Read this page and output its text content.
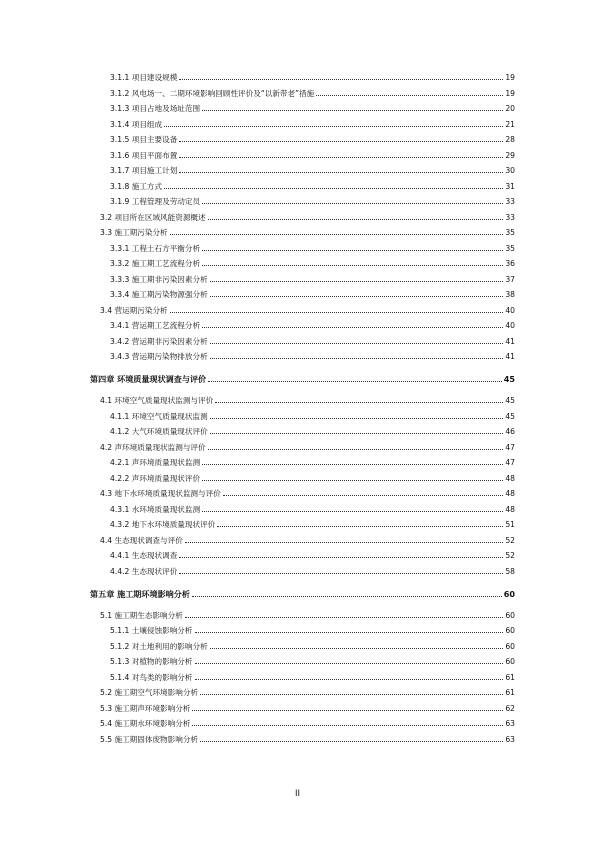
3.1.1 项目建设规模	19
3.1.2 风电场一、二期环境影响回顾性评价及“以新带老”措施	19
3.1.3 项目占地及场址范围	20
3.1.4 项目组成	21
3.1.5 项目主要设备	28
3.1.6 项目平面布置	29
3.1.7 项目施工计划	30
3.1.8 施工方式	31
3.1.9 工程管理及劳动定员	33
3.2 项目所在区域风能资源概述	33
3.3 施工期污染分析	35
3.3.1 工程土石方平衡分析	35
3.3.2 施工期工艺流程分析	36
3.3.3 施工期非污染因素分析	37
3.3.4 施工期污染物源强分析	38
3.4 营运期污染分析	40
3.4.1 营运期工艺流程分析	40
3.4.2 营运期非污染因素分析	41
3.4.3 营运期污染物排放分析	41
第四章 环境质量现状调查与评价	45
4.1 环境空气质量现状监测与评价	45
4.1.1 环境空气质量现状监测	45
4.1.2 大气环境质量现状评价	46
4.2 声环境质量现状监测与评价	47
4.2.1 声环境质量现状监测	47
4.2.2 声环境质量现状评价	48
4.3 地下水环境质量现状监测与评价	48
4.3.1 水环境质量现状监测	48
4.3.2 地下水环境质量现状评价	51
4.4 生态现状调查与评价	52
4.4.1 生态现状调查	52
4.4.2 生态现状评价	58
第五章 施工期环境影响分析	60
5.1 施工期生态影响分析	60
5.1.1 土壤侵蚀影响分析	60
5.1.2 对土地利用的影响分析	60
5.1.3 对植物的影响分析	60
5.1.4 对鸟类的影响分析	61
5.2 施工期空气环境影响分析	61
5.3 施工期声环境影响分析	62
5.4 施工期水环境影响分析	63
5.5 施工期固体废物影响分析	63
II
